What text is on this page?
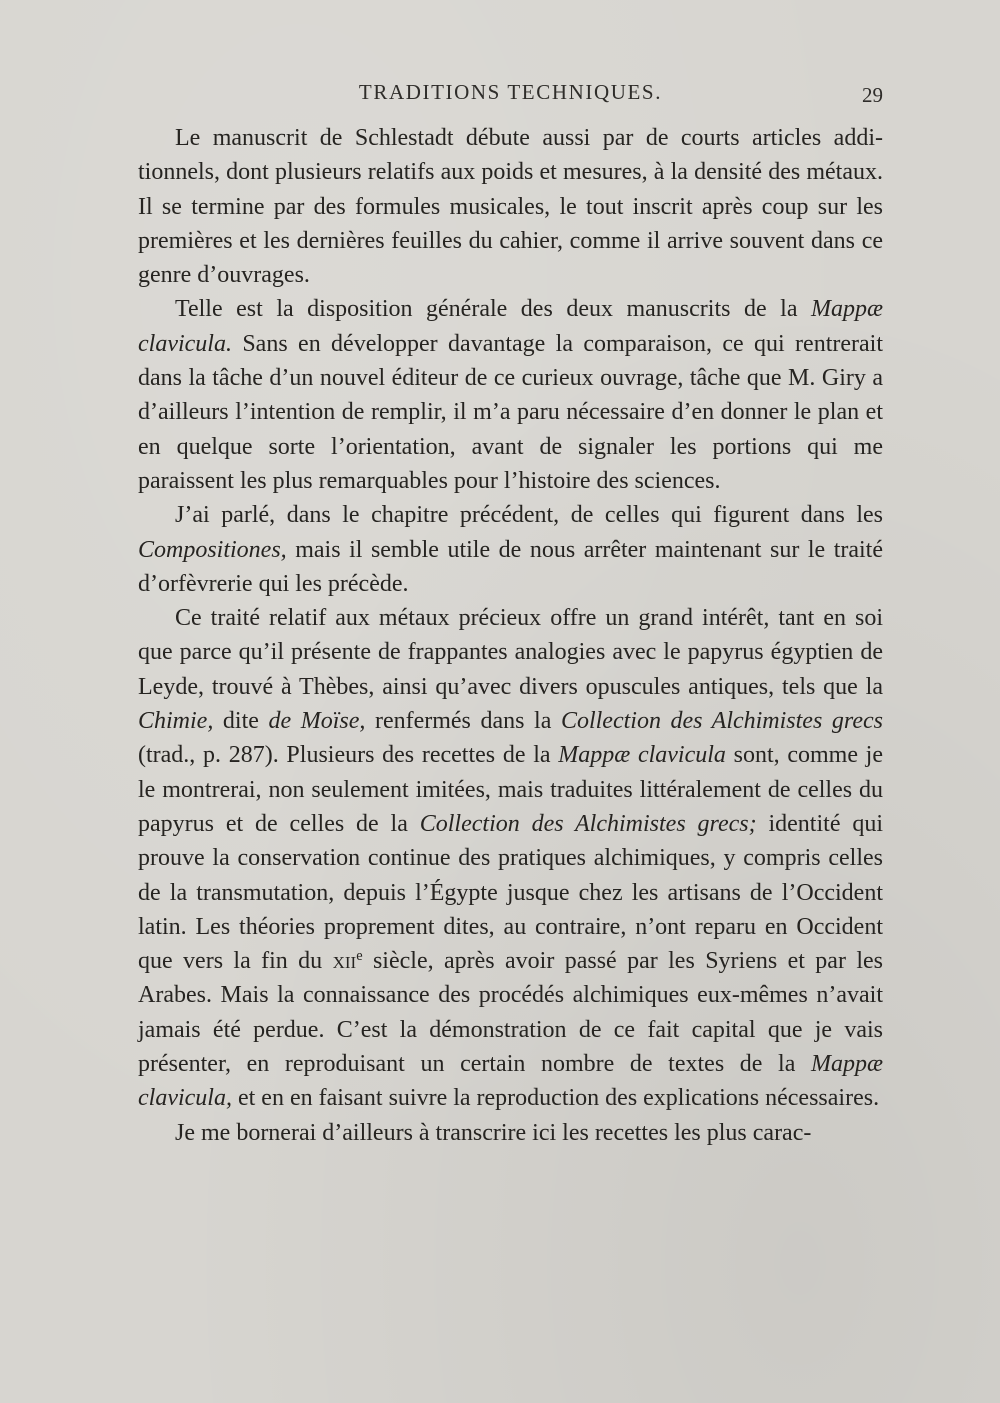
TRADITIONS TECHNIQUES.	29

Le manuscrit de Schlestadt débute aussi par de courts articles additionnels, dont plusieurs relatifs aux poids et mesures, à la densité des métaux. Il se termine par des formules musicales, le tout inscrit après coup sur les premières et les dernières feuilles du cahier, comme il arrive souvent dans ce genre d’ouvrages.

Telle est la disposition générale des deux manuscrits de la Mappæ clavicula. Sans en développer davantage la comparaison, ce qui rentrerait dans la tâche d’un nouvel éditeur de ce curieux ouvrage, tâche que M. Giry a d’ailleurs l’intention de remplir, il m’a paru nécessaire d’en donner le plan et en quelque sorte l’orientation, avant de signaler les portions qui me paraissent les plus remarquables pour l’histoire des sciences.

J’ai parlé, dans le chapitre précédent, de celles qui figurent dans les Compositiones, mais il semble utile de nous arrêter maintenant sur le traité d’orfèvrerie qui les précède.

Ce traité relatif aux métaux précieux offre un grand intérêt, tant en soi que parce qu’il présente de frappantes analogies avec le papyrus égyptien de Leyde, trouvé à Thèbes, ainsi qu’avec divers opuscules antiques, tels que la Chimie, dite de Moïse, renfermés dans la Collection des Alchimistes grecs (trad., p. 287). Plusieurs des recettes de la Mappæ clavicula sont, comme je le montrerai, non seulement imitées, mais traduites littéralement de celles du papyrus et de celles de la Collection des Alchimistes grecs; identité qui prouve la conservation continue des pratiques alchimiques, y compris celles de la transmutation, depuis l’Égypte jusque chez les artisans de l’Occident latin. Les théories proprement dites, au contraire, n’ont reparu en Occident que vers la fin du xii$^e$ siècle, après avoir passé par les Syriens et par les Arabes. Mais la connaissance des procédés alchimiques eux-mêmes n’avait jamais été perdue. C’est la démonstration de ce fait capital que je vais présenter, en reproduisant un certain nombre de textes de la Mappæ clavicula, et en en faisant suivre la reproduction des explications nécessaires.

Je me bornerai d’ailleurs à transcrire ici les recettes les plus carac-
